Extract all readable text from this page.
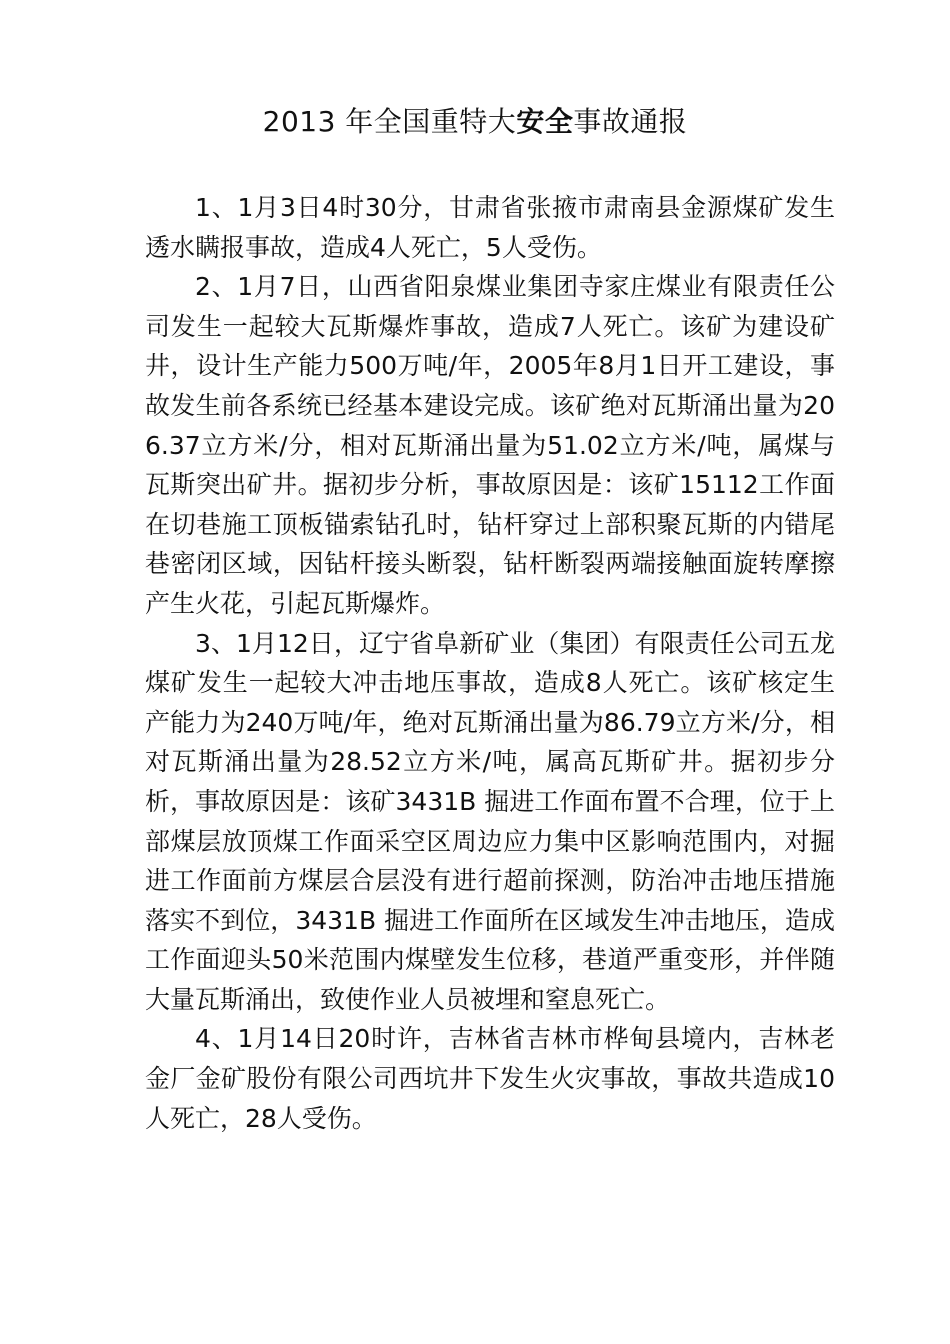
2013 年全国重特大安全事故通报

1、1月3日4时30分，甘肃省张掖市肃南县金源煤矿发生透水瞒报事故，造成4人死亡，5人受伤。

2、1月7日，山西省阳泉煤业集团寺家庄煤业有限责任公司发生一起较大瓦斯爆炸事故，造成7人死亡。该矿为建设矿井，设计生产能力500万吨/年，2005年8月1日开工建设，事故发生前各系统已经基本建设完成。该矿绝对瓦斯涌出量为206.37立方米/分，相对瓦斯涌出量为51.02立方米/吨，属煤与瓦斯突出矿井。据初步分析，事故原因是：该矿15112工作面在切巷施工顶板锚索钻孔时，钻杆穿过上部积聚瓦斯的内错尾巷密闭区域，因钻杆接头断裂，钻杆断裂两端接触面旋转摩擦产生火花，引起瓦斯爆炸。

3、1月12日，辽宁省阜新矿业（集团）有限责任公司五龙煤矿发生一起较大冲击地压事故，造成8人死亡。该矿核定生产能力为240万吨/年，绝对瓦斯涌出量为86.79立方米/分，相对瓦斯涌出量为28.52立方米/吨，属高瓦斯矿井。据初步分析，事故原因是：该矿3431B 掘进工作面布置不合理，位于上部煤层放顶煤工作面采空区周边应力集中区影响范围内，对掘进工作面前方煤层合层没有进行超前探测，防治冲击地压措施落实不到位，3431B 掘进工作面所在区域发生冲击地压，造成工作面迎头50米范围内煤壁发生位移，巷道严重变形，并伴随大量瓦斯涌出，致使作业人员被埋和窒息死亡。

4、1月14日20时许，吉林省吉林市桦甸县境内，吉林老金厂金矿股份有限公司西坑井下发生火灾事故，事故共造成10人死亡，28人受伤。
